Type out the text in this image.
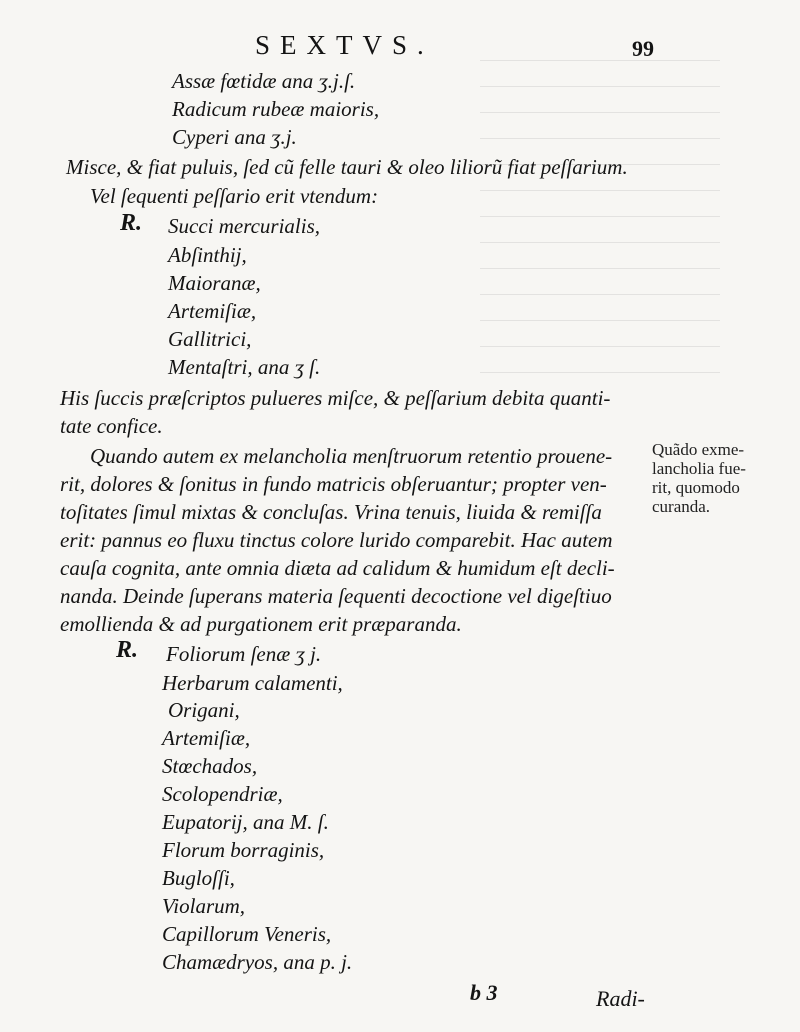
SEXTVS.	99
Assæ fœtidæ ana ʒ.j.ſ.
Radicum rubeæ maioris,
Cyperi ana ʒ.j.
Misce, & fiat puluis, ſed cũ felle tauri & oleo liliorũ fiat peſſarium.
Vel ſequenti peſſario erit vtendum:
R. Succi mercurialis,
Abſinthij,
Maioranæ,
Artemiſiæ,
Gallitrici,
Mentaſtri, ana ʒ ſ.
His ſuccis præſcriptos pulueres miſce, & peſſarium debita quanti-
tate confice.
Quando autem ex melancholia menſtruorum retentio prouene-
rit, dolores & ſonitus in fundo matricis obſeruantur; propter ven-
toſitates ſimul mixtas & concluſas. Vrina tenuis, liuida & remiſſa
erit: pannus eo fluxu tinctus colore lurido comparebit. Hac autem
cauſa cognita, ante omnia diæta ad calidum & humidum eſt decli-
nanda. Deinde ſuperans materia ſequenti decoctione vel digeſtiuo
emollienda & ad purgationem erit præparanda.
R. Foliorum ſenæ ʒ j.
Herbarum calamenti,
Origani,
Artemiſiæ,
Stœchados,
Scolopendriæ,
Eupatorij, ana M. ſ.
Florum borraginis,
Bugloſſi,
Violarum,
Capillorum Veneris,
Chamædryos, ana p. j.
Quãdo exme-
lancholia fue-
rit, quomodo
curanda.
b 3	Radi-
